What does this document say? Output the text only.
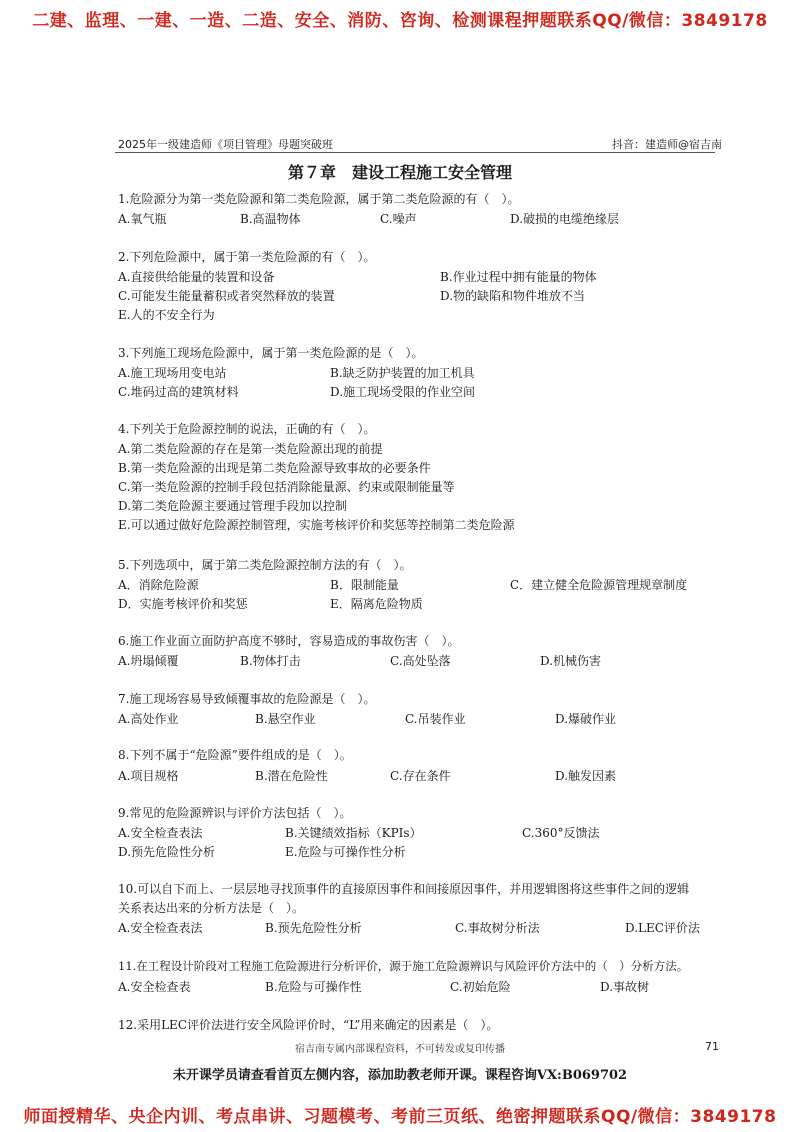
二建、监理、一建、一造、二造、安全、消防、咨询、检测课程押题联系QQ/微信：3849178
2025年一级建造师《项目管理》母题突破班	抖音：建造师@宿吉南
第７章　建设工程施工安全管理
1.危险源分为第一类危险源和第二类危险源，属于第二类危险源的有（　）。
A.氧气瓶	B.高温物体	C.噪声	D.破损的电缆绝缘层
2.下列危险源中，属于第一类危险源的有（　）。
A.直接供给能量的装置和设备	B.作业过程中拥有能量的物体
C.可能发生能量蓄积或者突然释放的装置	D.物的缺陷和物件堆放不当
E.人的不安全行为
3.下列施工现场危险源中，属于第一类危险源的是（　）。
A.施工现场用变电站	B.缺乏防护装置的加工机具
C.堆码过高的建筑材料	D.施工现场受限的作业空间
4.下列关于危险源控制的说法，正确的有（　）。
A.第二类危险源的存在是第一类危险源出现的前提
B.第一类危险源的出现是第二类危险源导致事故的必要条件
C.第一类危险源的控制手段包括消除能量源、约束或限制能量等
D.第二类危险源主要通过管理手段加以控制
E.可以通过做好危险源控制管理，实施考核评价和奖惩等控制第二类危险源
5.下列选项中，属于第二类危险源控制方法的有（　）。
A．消除危险源	B．限制能量	C．建立健全危险源管理规章制度
D．实施考核评价和奖惩	E．隔离危险物质
6.施工作业面立面防护高度不够时，容易造成的事故伤害（　）。
A.坍塌倾覆	B.物体打击	C.高处坠落	D.机械伤害
7.施工现场容易导致倾覆事故的危险源是（　）。
A.高处作业	B.悬空作业	C.吊装作业	D.爆破作业
8.下列不属于“危险源”要件组成的是（　）。
A.项目规格	B.潜在危险性	C.存在条件	D.触发因素
9.常见的危险源辨识与评价方法包括（　）。
A.安全检查表法	B.关键绩效指标（KPIs）	C.360°反馈法
D.预先危险性分析	E.危险与可操作性分析
10.可以自下而上、一层层地寻找顶事件的直接原因事件和间接原因事件，并用逻辑图将这些事件之间的逻辑
关系表达出来的分析方法是（　）。
A.安全检查表法	B.预先危险性分析	C.事故树分析法	D.LEC评价法
11.在工程设计阶段对工程施工危险源进行分析评价，源于施工危险源辨识与风险评价方法中的（　）分析方法。
A.安全检查表	B.危险与可操作性	C.初始危险	D.事故树
12.采用LEC评价法进行安全风险评价时，“L”用来确定的因素是（　）。
宿吉南专属内部课程资料，不可转发或复印传播	71
未开课学员请查看首页左侧内容，添加助教老师开课。课程咨询VX:B069702
师面授精华、央企内训、考点串讲、习题模考、考前三页纸、绝密押题联系QQ/微信：3849178
